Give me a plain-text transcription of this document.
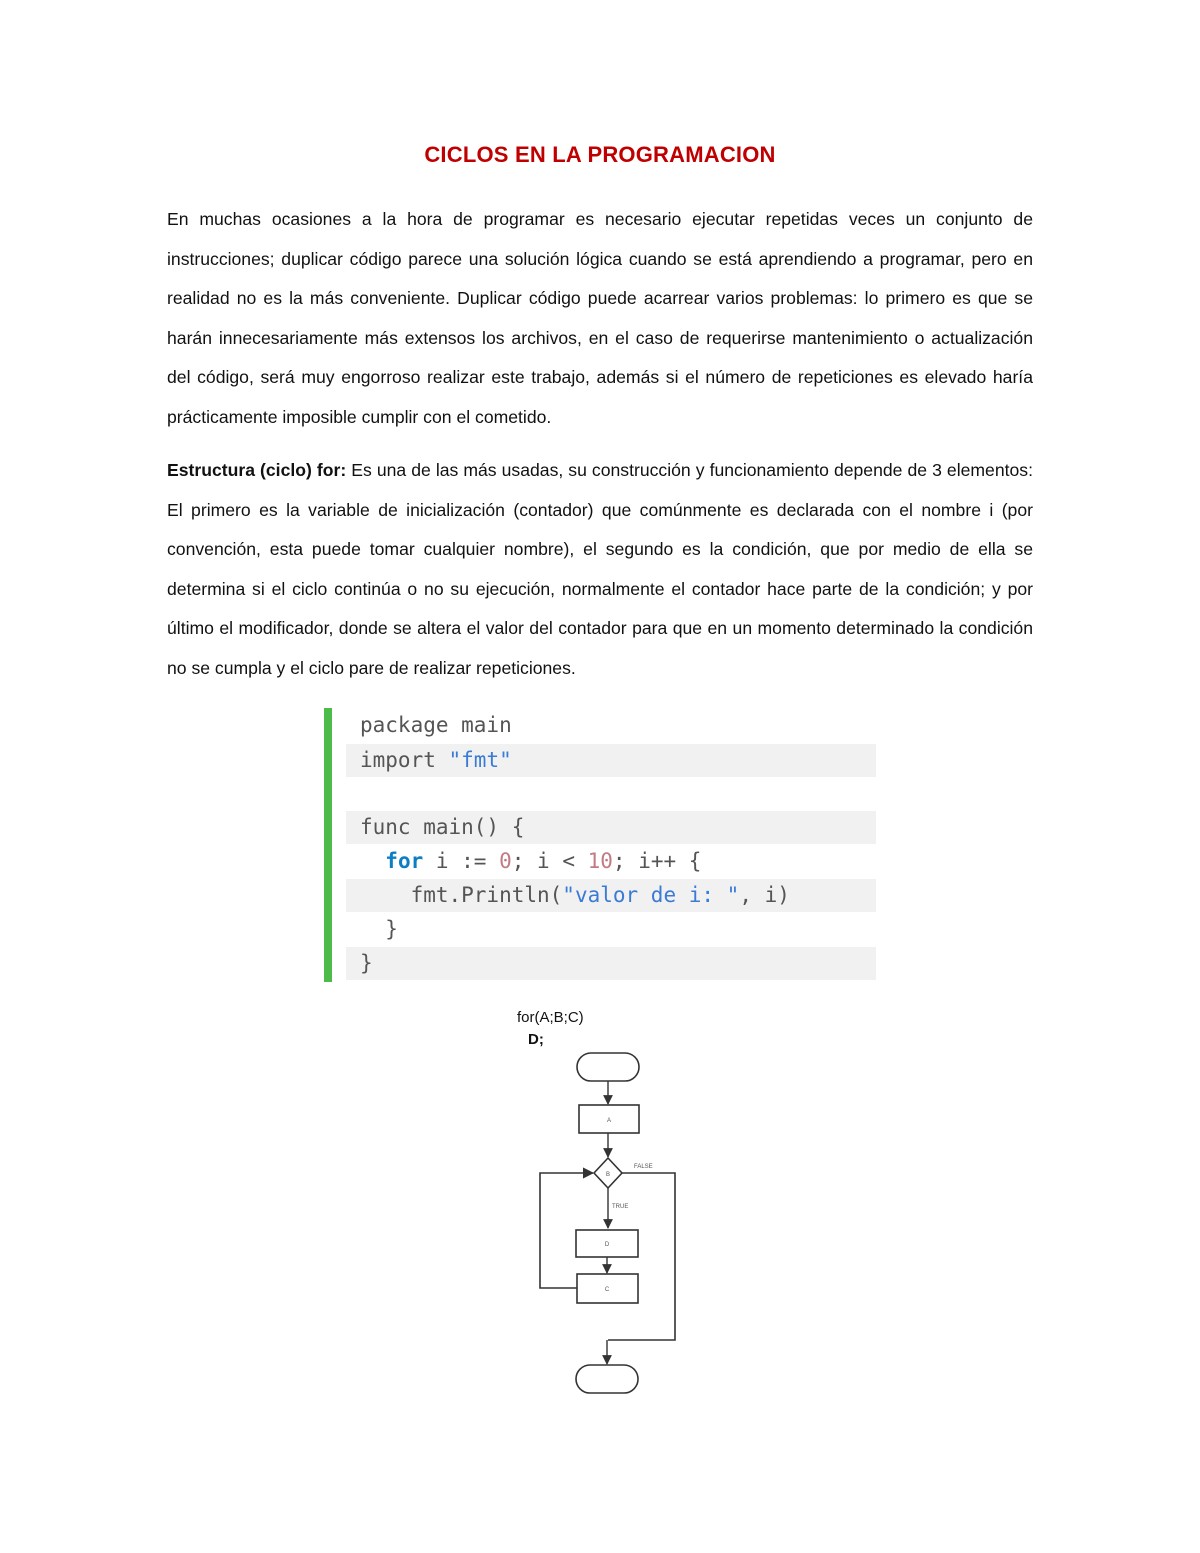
CICLOS EN LA PROGRAMACION

En muchas ocasiones a la hora de programar es necesario ejecutar repetidas veces un conjunto de instrucciones; duplicar código parece una solución lógica cuando se está aprendiendo a programar, pero en realidad no es la más conveniente. Duplicar código puede acarrear varios problemas: lo primero es que se harán innecesariamente más extensos los archivos, en el caso de requerirse mantenimiento o actualización del código, será muy engorroso realizar este trabajo, además si el número de repeticiones es elevado haría prácticamente imposible cumplir con el cometido.

Estructura (ciclo) for: Es una de las más usadas, su construcción y funcionamiento depende de 3 elementos: El primero es la variable de inicialización (contador) que comúnmente es declarada con el nombre i (por convención, esta puede tomar cualquier nombre), el segundo es la condición, que por medio de ella se determina si el ciclo continúa o no su ejecución, normalmente el contador hace parte de la condición; y por último el modificador, donde se altera el valor del contador para que en un momento determinado la condición no se cumpla y el ciclo pare de realizar repeticiones.

package main
import "fmt"
func main() {
for i := 0; i < 10; i++ {
fmt.Println("valor de i: ", i)
}
}
for(A;B;C)
D;
A
B
FALSE
TRUE
D
C
